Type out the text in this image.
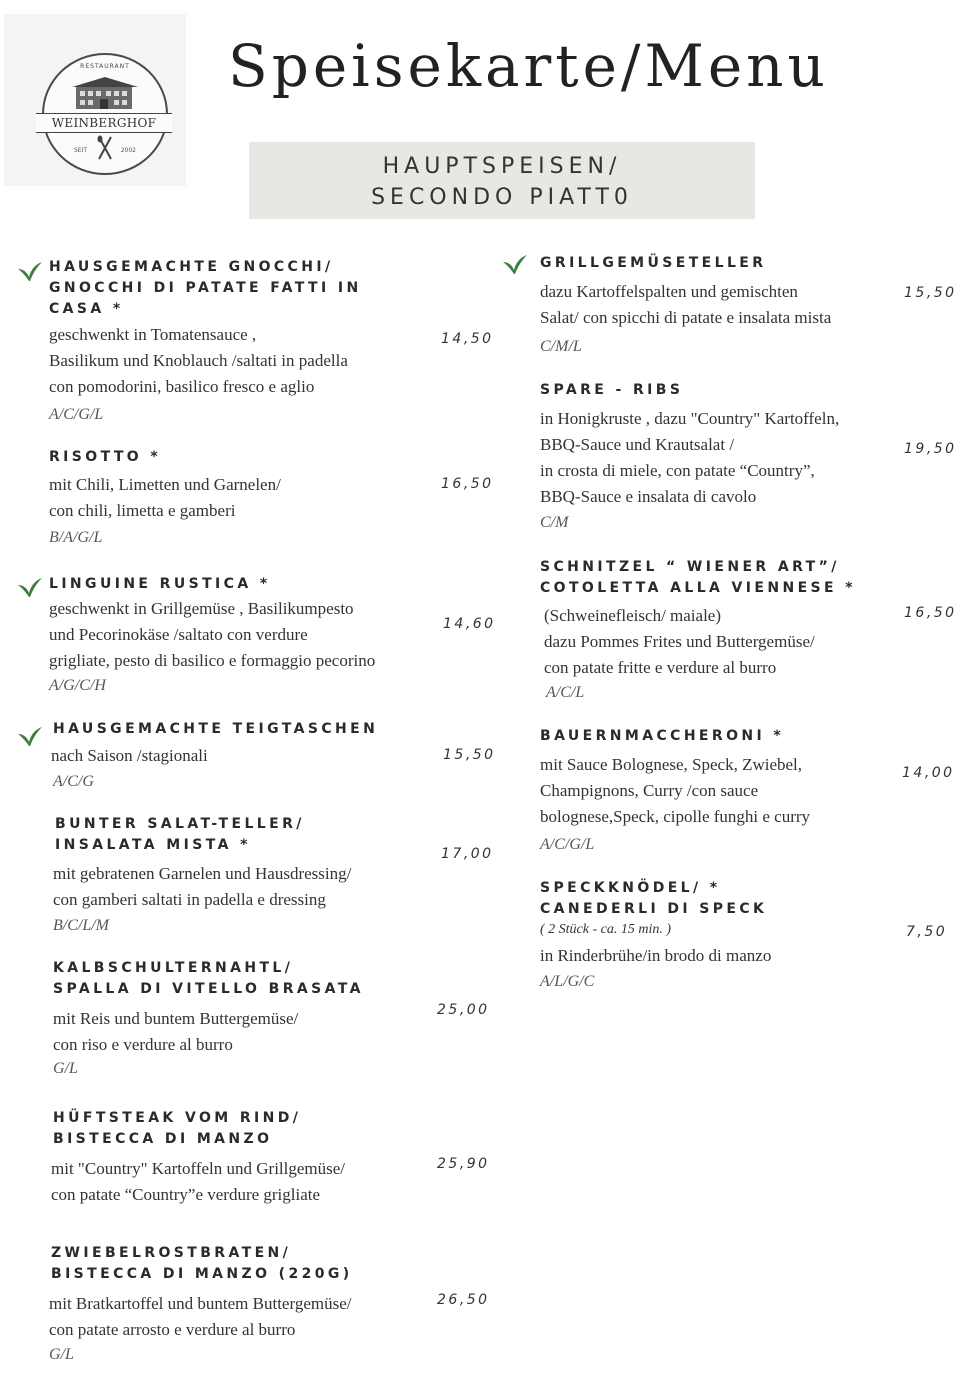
RESTAURANT
WEINBERGHOF
SEIT	2002
Speisekarte/Menu
HAUPTSPEISEN/
SECONDO PIATT0
HAUSGEMACHTE GNOCCHI/
GNOCCHI DI PATATE FATTI IN
CASA *
geschwenkt in Tomatensauce ,
Basilikum und Knoblauch /saltati in padella
con pomodorini, basilico fresco e aglio
A/C/G/L
14,50
RISOTTO *
mit Chili, Limetten und Garnelen/
con chili, limetta e gamberi
B/A/G/L
16,50
LINGUINE RUSTICA *
geschwenkt in Grillgemüse , Basilikumpesto
und Pecorinokäse /saltato con verdure
grigliate, pesto di basilico e formaggio pecorino
A/G/C/H
14,60
HAUSGEMACHTE TEIGTASCHEN
nach Saison /stagionali
A/C/G
15,50
BUNTER SALAT-TELLER/
INSALATA MISTA *
mit gebratenen Garnelen und Hausdressing/
con gamberi saltati in padella e dressing
B/C/L/M
17,00
KALBSCHULTERNAHTL/
SPALLA DI VITELLO BRASATA
mit Reis und buntem Buttergemüse/
con riso e verdure al burro
G/L
25,00
HÜFTSTEAK VOM RIND/
BISTECCA DI MANZO
mit "Country" Kartoffeln und Grillgemüse/
con patate “Country”e verdure grigliate
25,90
ZWIEBELROSTBRATEN/
BISTECCA DI MANZO (220G)
mit Bratkartoffel und buntem Buttergemüse/
con patate arrosto e verdure al burro
G/L
26,50
GRILLGEMÜSETELLER
dazu Kartoffelspalten und gemischten
Salat/ con spicchi di patate e insalata mista
C/M/L
15,50
SPARE - RIBS
in Honigkruste , dazu "Country" Kartoffeln,
BBQ-Sauce und Krautsalat /
in crosta di miele, con patate “Country”,
BBQ-Sauce e insalata di cavolo
C/M
19,50
SCHNITZEL “ WIENER ART”/
COTOLETTA ALLA VIENNESE *
(Schweinefleisch/ maiale)
dazu Pommes Frites und Buttergemüse/
con patate fritte e verdure al burro
A/C/L
16,50
BAUERNMACCHERONI *
mit Sauce Bolognese, Speck, Zwiebel,
Champignons, Curry /con sauce
bolognese,Speck, cipolle funghi e curry
A/C/G/L
14,00
SPECKKNÖDEL/ *
CANEDERLI DI SPECK
( 2 Stück - ca. 15 min. )
in Rinderbrühe/in brodo di manzo
A/L/G/C
7,50
